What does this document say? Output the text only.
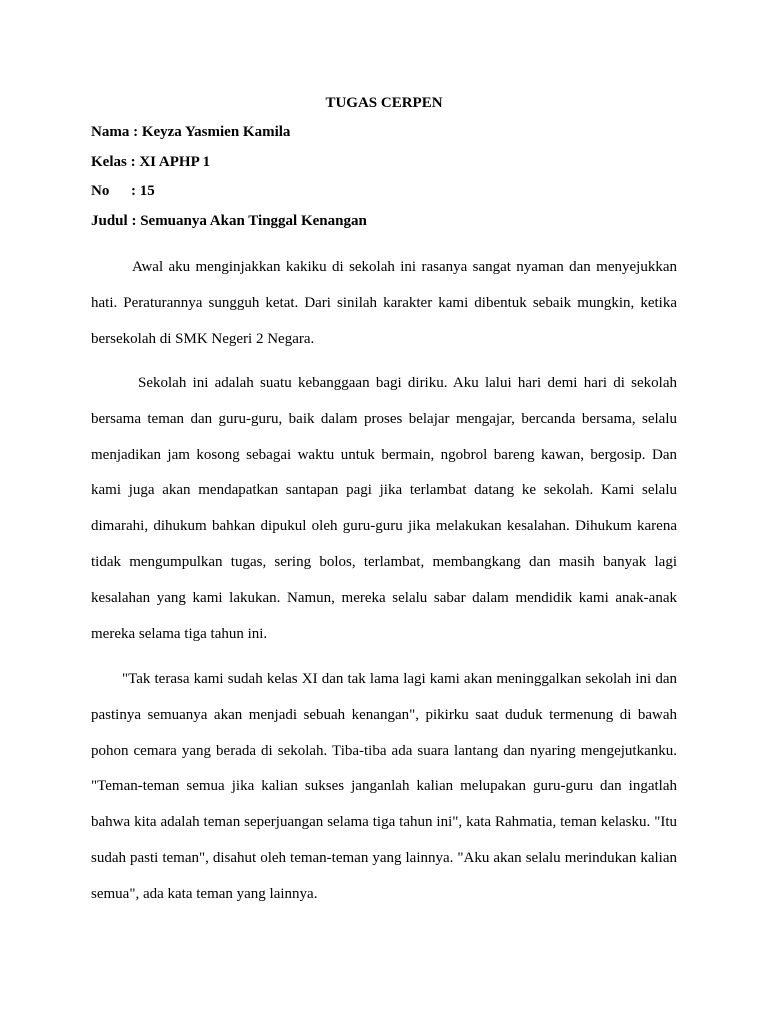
TUGAS CERPEN
Nama : Keyza Yasmien Kamila
Kelas : XI APHP 1
No : 15
Judul : Semuanya Akan Tinggal Kenangan

Awal aku menginjakkan kakiku di sekolah ini rasanya sangat nyaman dan menyejukkan hati. Peraturannya sungguh ketat. Dari sinilah karakter kami dibentuk sebaik mungkin, ketika bersekolah di SMK Negeri 2 Negara.

Sekolah ini adalah suatu kebanggaan bagi diriku. Aku lalui hari demi hari di sekolah bersama teman dan guru-guru, baik dalam proses belajar mengajar, bercanda bersama, selalu menjadikan jam kosong sebagai waktu untuk bermain, ngobrol bareng kawan, bergosip. Dan kami juga akan mendapatkan santapan pagi jika terlambat datang ke sekolah. Kami selalu dimarahi, dihukum bahkan dipukul oleh guru-guru jika melakukan kesalahan. Dihukum karena tidak mengumpulkan tugas, sering bolos, terlambat, membangkang dan masih banyak lagi kesalahan yang kami lakukan. Namun, mereka selalu sabar dalam mendidik kami anak-anak mereka selama tiga tahun ini.

"Tak terasa kami sudah kelas XI dan tak lama lagi kami akan meninggalkan sekolah ini dan pastinya semuanya akan menjadi sebuah kenangan", pikirku saat duduk termenung di bawah pohon cemara yang berada di sekolah. Tiba-tiba ada suara lantang dan nyaring mengejutkanku. "Teman-teman semua jika kalian sukses janganlah kalian melupakan guru-guru dan ingatlah bahwa kita adalah teman seperjuangan selama tiga tahun ini", kata Rahmatia, teman kelasku. "Itu sudah pasti teman", disahut oleh teman-teman yang lainnya. "Aku akan selalu merindukan kalian semua", ada kata teman yang lainnya.
